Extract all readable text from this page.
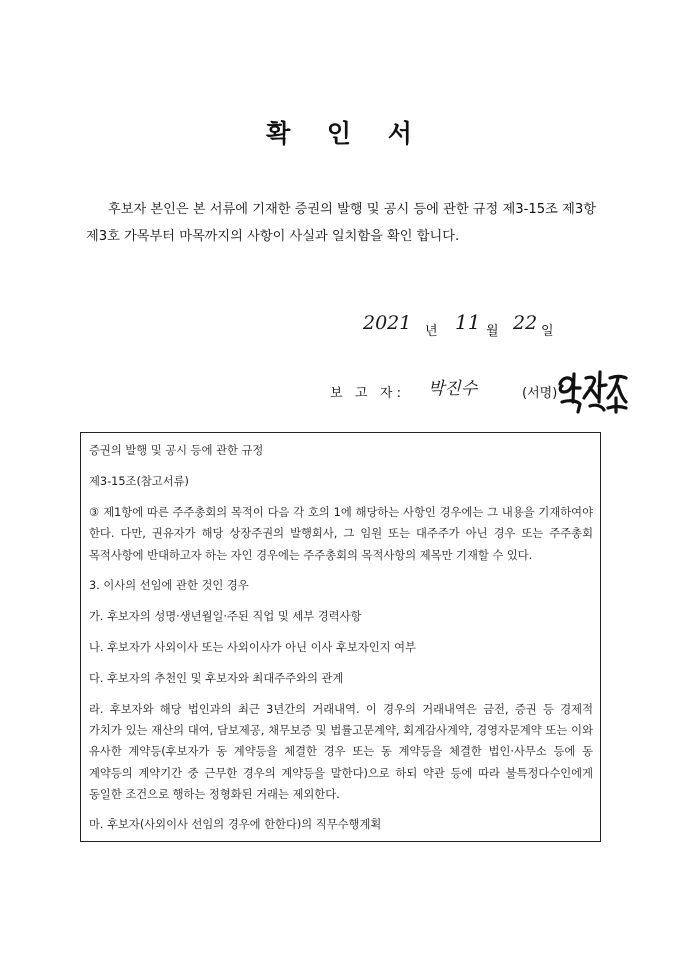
확 인 서
후보자 본인은 본 서류에 기재한 증권의 발행 및 공시 등에 관한 규정 제3-15조 제3항 제3호 가목부터 마목까지의 사항이 사실과 일치함을 확인 합니다.
2021 년 11 월 22 일
보   고   자 : 박진수	(서명)
증권의 발행 및 공시 등에 관한 규정
제3-15조(참고서류)
③ 제1항에 따른 주주총회의 목적이 다음 각 호의 1에 해당하는 사항인 경우에는 그 내용을 기재하여야 한다. 다만, 권유자가 해당 상장주권의 발행회사, 그 임원 또는 대주주가 아닌 경우 또는 주주총회 목적사항에 반대하고자 하는 자인 경우에는 주주총회의 목적사항의 제목만 기재할 수 있다.
3. 이사의 선임에 관한 것인 경우
가. 후보자의 성명·생년월일·주된 직업 및 세부 경력사항
나. 후보자가 사외이사 또는 사외이사가 아닌 이사 후보자인지 여부
다. 후보자의 추천인 및 후보자와 최대주주와의 관계
라. 후보자와 해당 법인과의 최근 3년간의 거래내역. 이 경우의 거래내역은 금전, 증권 등 경제적 가치가 있는 재산의 대여, 담보제공, 채무보증 및 법률고문계약, 회계감사계약, 경영자문계약 또는 이와 유사한 계약등(후보자가 동 계약등을 체결한 경우 또는 동 계약등을 체결한 법인·사무소 등에 동 계약등의 계약기간 중 근무한 경우의 계약등을 말한다)으로 하되 약관 등에 따라 불특정다수인에게 동일한 조건으로 행하는 정형화된 거래는 제외한다.
마. 후보자(사외이사 선임의 경우에 한한다)의 직무수행계획
